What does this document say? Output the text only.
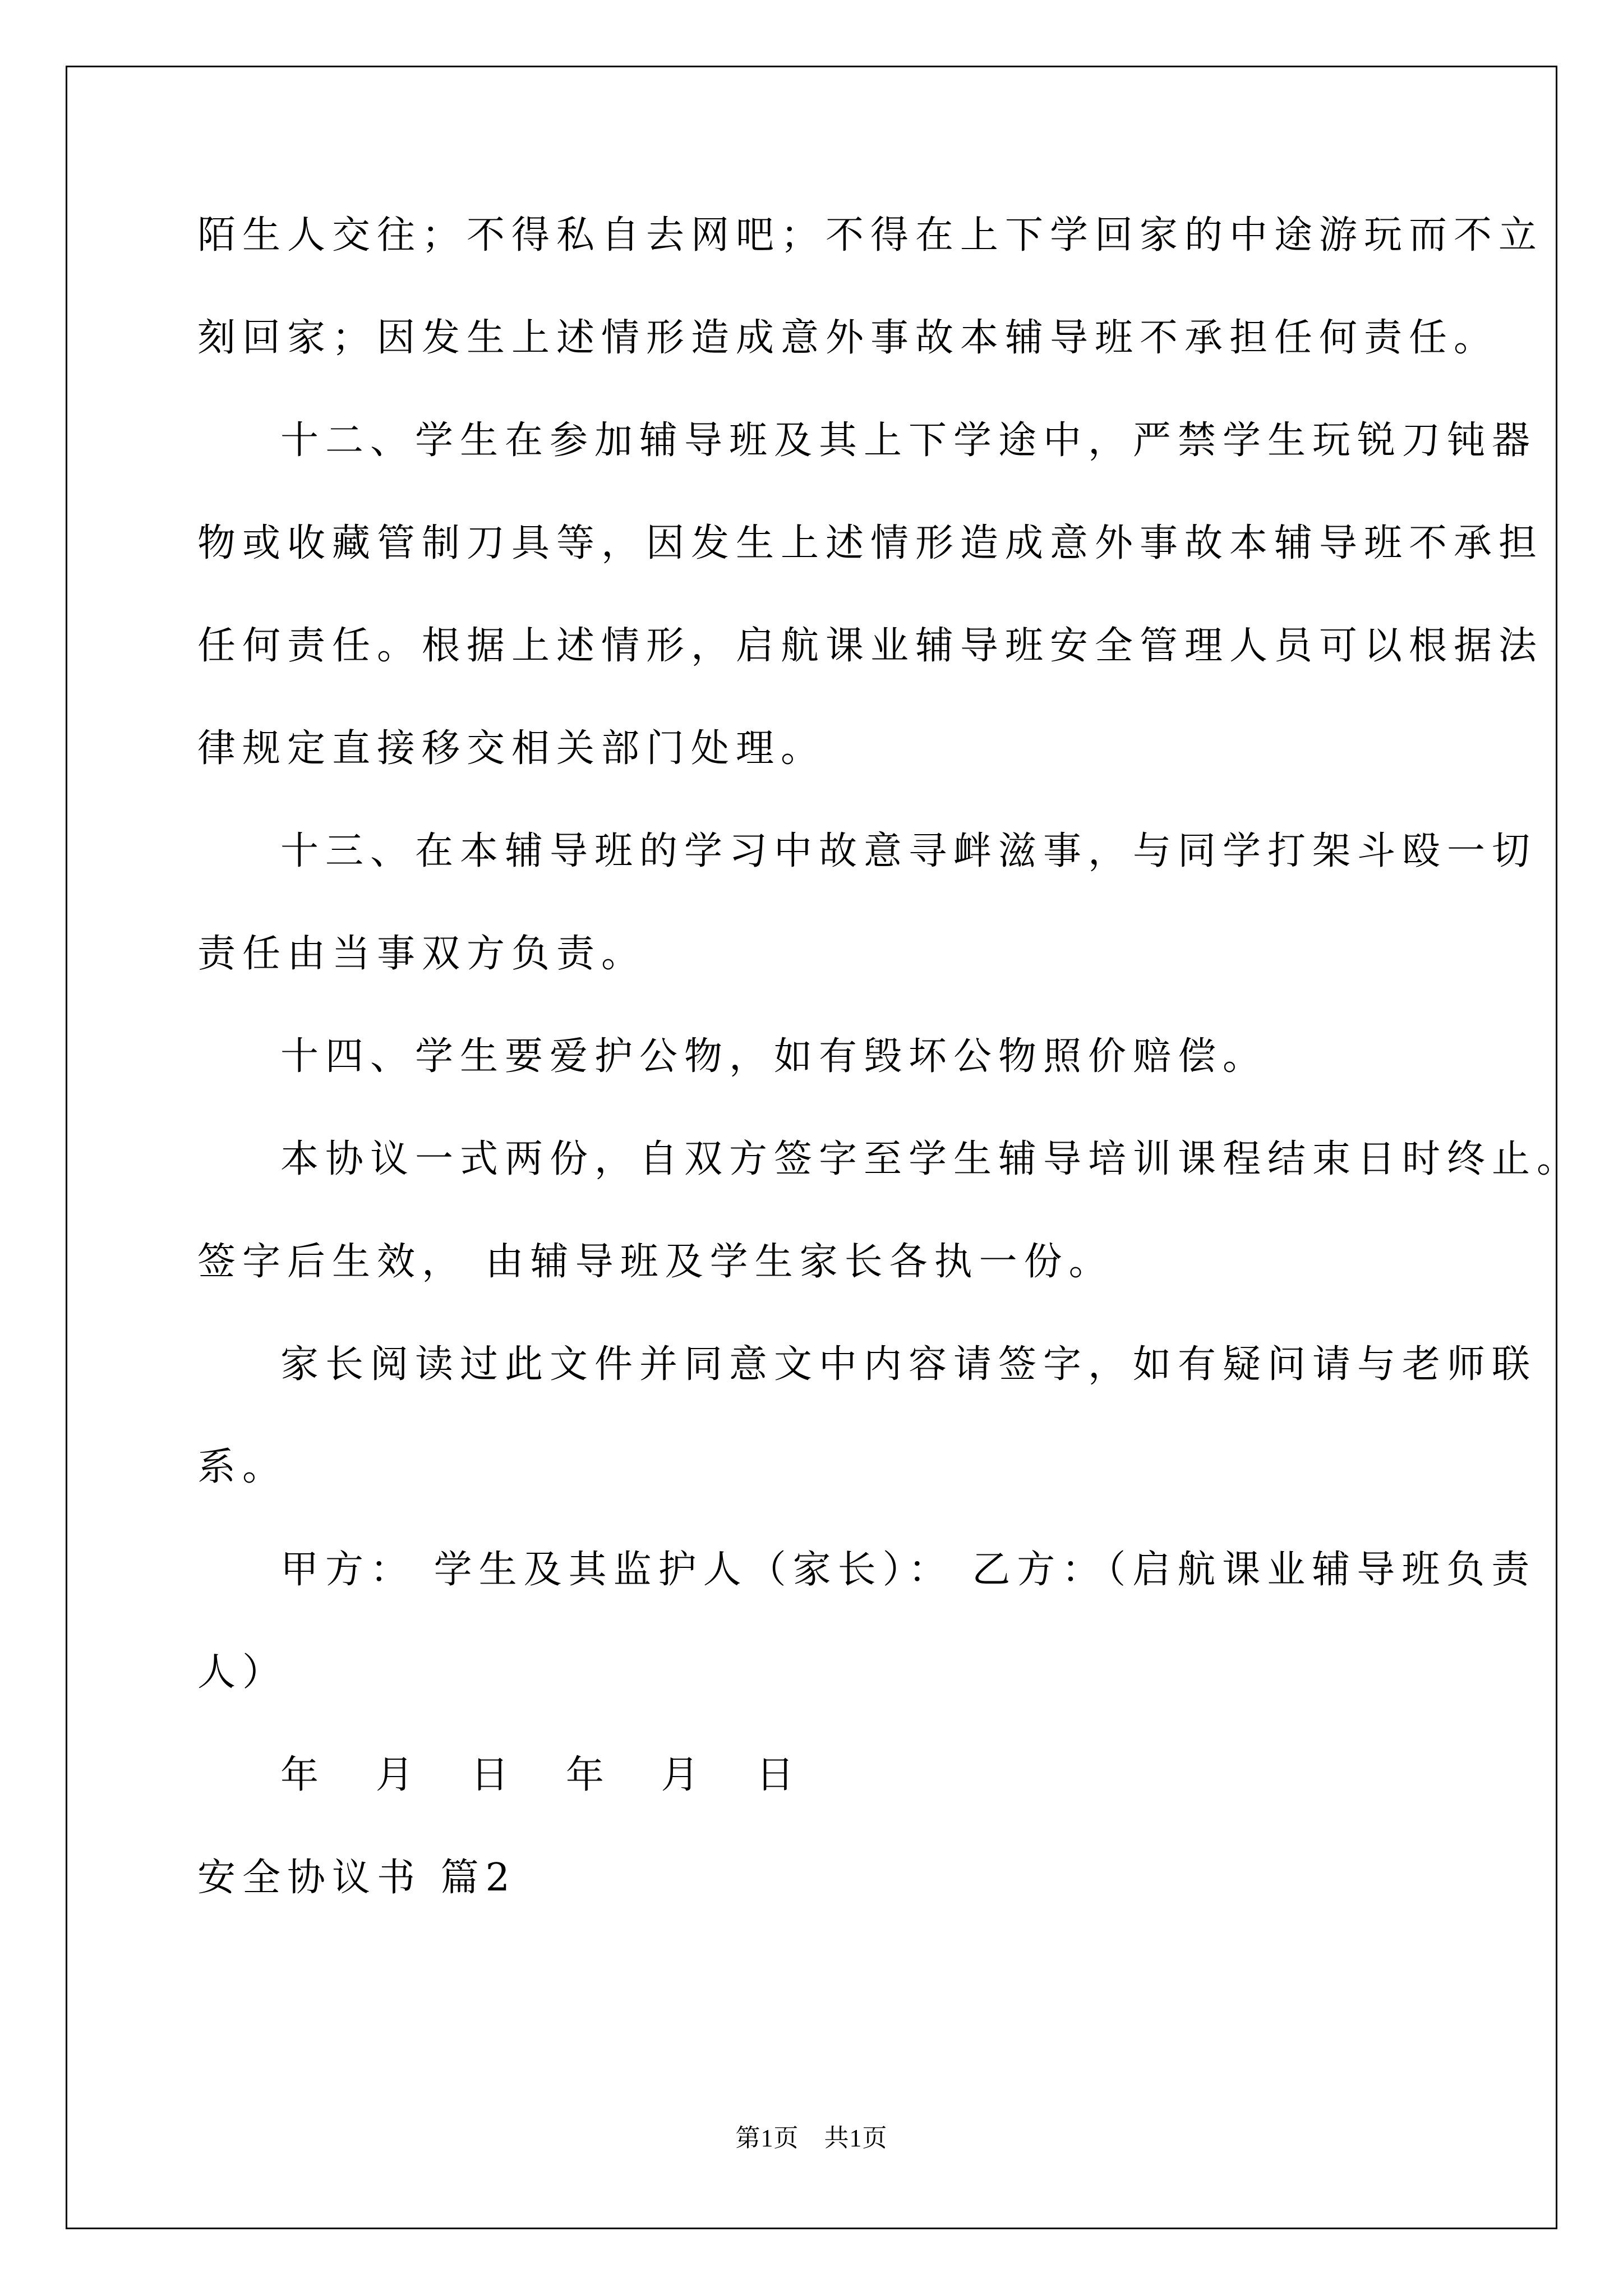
陌生人交往；不得私自去网吧；不得在上下学回家的中途游玩而不立
刻回家；因发生上述情形造成意外事故本辅导班不承担任何责任。
十二、学生在参加辅导班及其上下学途中，严禁学生玩锐刀钝器
物或收藏管制刀具等，因发生上述情形造成意外事故本辅导班不承担
任何责任。根据上述情形，启航课业辅导班安全管理人员可以根据法
律规定直接移交相关部门处理。
十三、在本辅导班的学习中故意寻衅滋事，与同学打架斗殴一切
责任由当事双方负责。
十四、学生要爱护公物，如有毁坏公物照价赔偿。
本协议一式两份，自双方签字至学生辅导培训课程结束日时终止。
签字后生效， 由辅导班及学生家长各执一份。
家长阅读过此文件并同意文中内容请签字，如有疑问请与老师联
系。
甲方： 学生及其监护人（家长）： 乙方：（启航课业辅导班负责
人）
年 月 日 年 月 日
安全协议书 篇2
第1页　共1页
